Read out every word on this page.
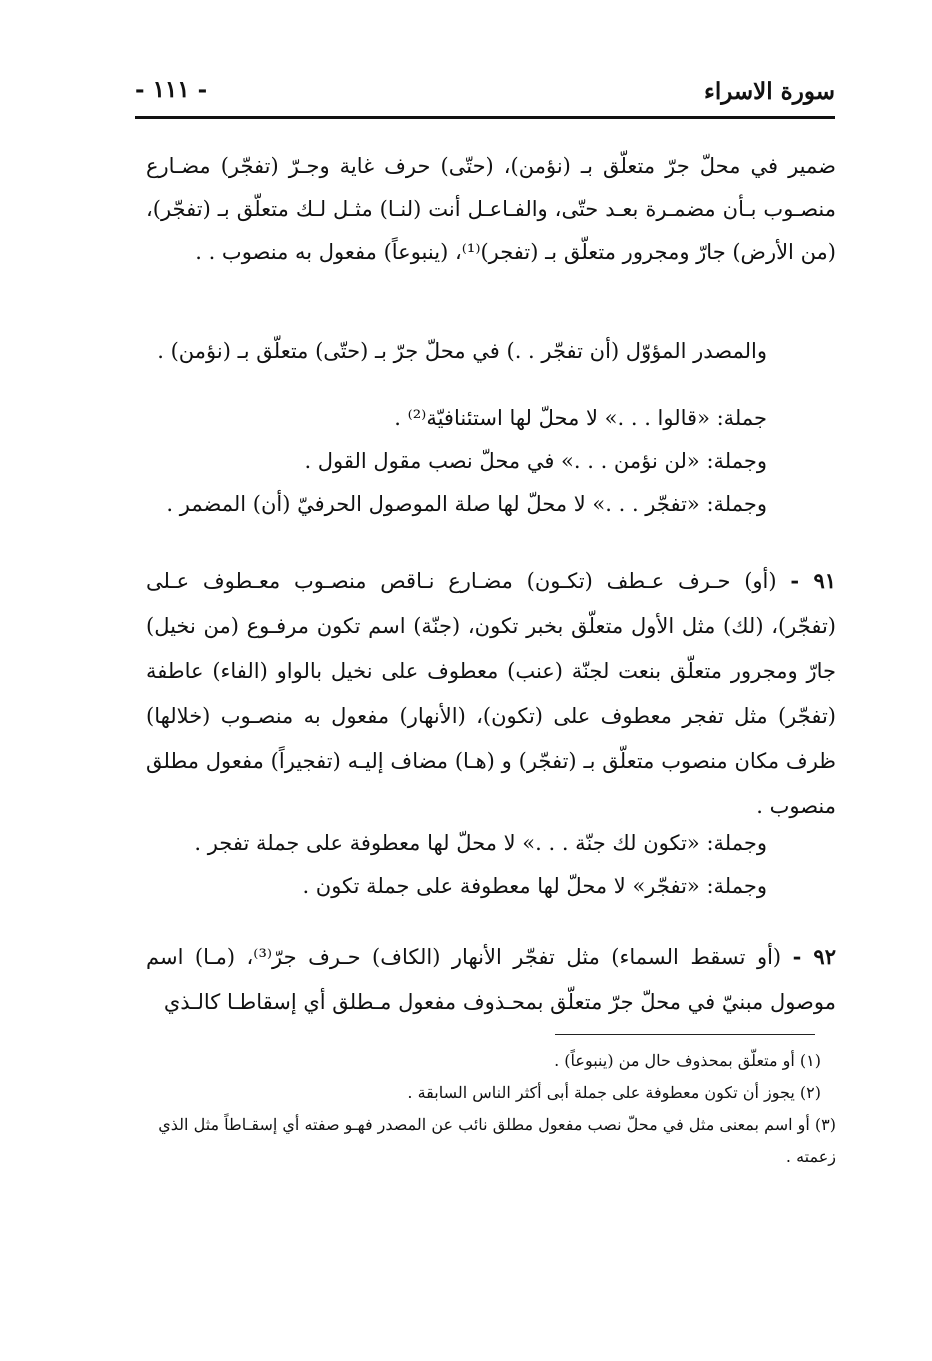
سورة الاسراء
- ١١١ -

ضمير في محلّ جرّ متعلّق بـ (نؤمن)، (حتّى) حرف غاية وجـرّ (تفجّر) مضـارع منصـوب بـأن مضمـرة بعـد حتّى، والفـاعـل أنت (لنـا) مثـل لـك متعلّق بـ (تفجّر)، (من الأرض) جارّ ومجرور متعلّق بـ (تفجر)⁽¹⁾، (ينبوعاً) مفعول به منصوب . .

والمصدر المؤوّل (أن تفجّر . .) في محلّ جرّ بـ (حتّى) متعلّق بـ (نؤمن) .

جملة: «قالوا . . .» لا محلّ لها استئنافيّة⁽²⁾ .

وجملة: «لن نؤمن . . .» في محلّ نصب مقول القول .

وجملة: «تفجّر . . .» لا محلّ لها صلة الموصول الحرفيّ (أن) المضمر .

٩١ - (أو) حـرف عـطف (تكـون) مضـارع نـاقص منصـوب معـطوف عـلى (تفجّر)، (لك) مثل الأول متعلّق بخبر تكون، (جنّة) اسم تكون مرفـوع (من نخيل) جارّ ومجرور متعلّق بنعت لجنّة (عنب) معطوف على نخيل بالواو (الفاء) عاطفة (تفجّر) مثل تفجر معطوف على (تكون)، (الأنهار) مفعول به منصـوب (خلالها) ظرف مكان منصوب متعلّق بـ (تفجّر) و (هـا) مضاف إليـه (تفجيراً) مفعول مطلق منصوب .

وجملة: «تكون لك جنّة . . .» لا محلّ لها معطوفة على جملة تفجر .

وجملة: «تفجّر» لا محلّ لها معطوفة على جملة تكون .

٩٢ - (أو تسقط السماء) مثل تفجّر الأنهار (الكاف) حـرف جرّ⁽³⁾، (مـا) اسم موصول مبنيّ في محلّ جرّ متعلّق بمحـذوف مفعول مـطلق أي إسقاطـا كالـذي

(١) أو متعلّق بمحذوف حال من (ينبوعاً) .

(٢) يجوز أن تكون معطوفة على جملة أبى أكثر الناس السابقة .

(٣) أو اسم بمعنى مثل في محلّ نصب مفعول مطلق نائب عن المصدر فهـو صفته أي إسقـاطاً مثل الذي زعمته .
